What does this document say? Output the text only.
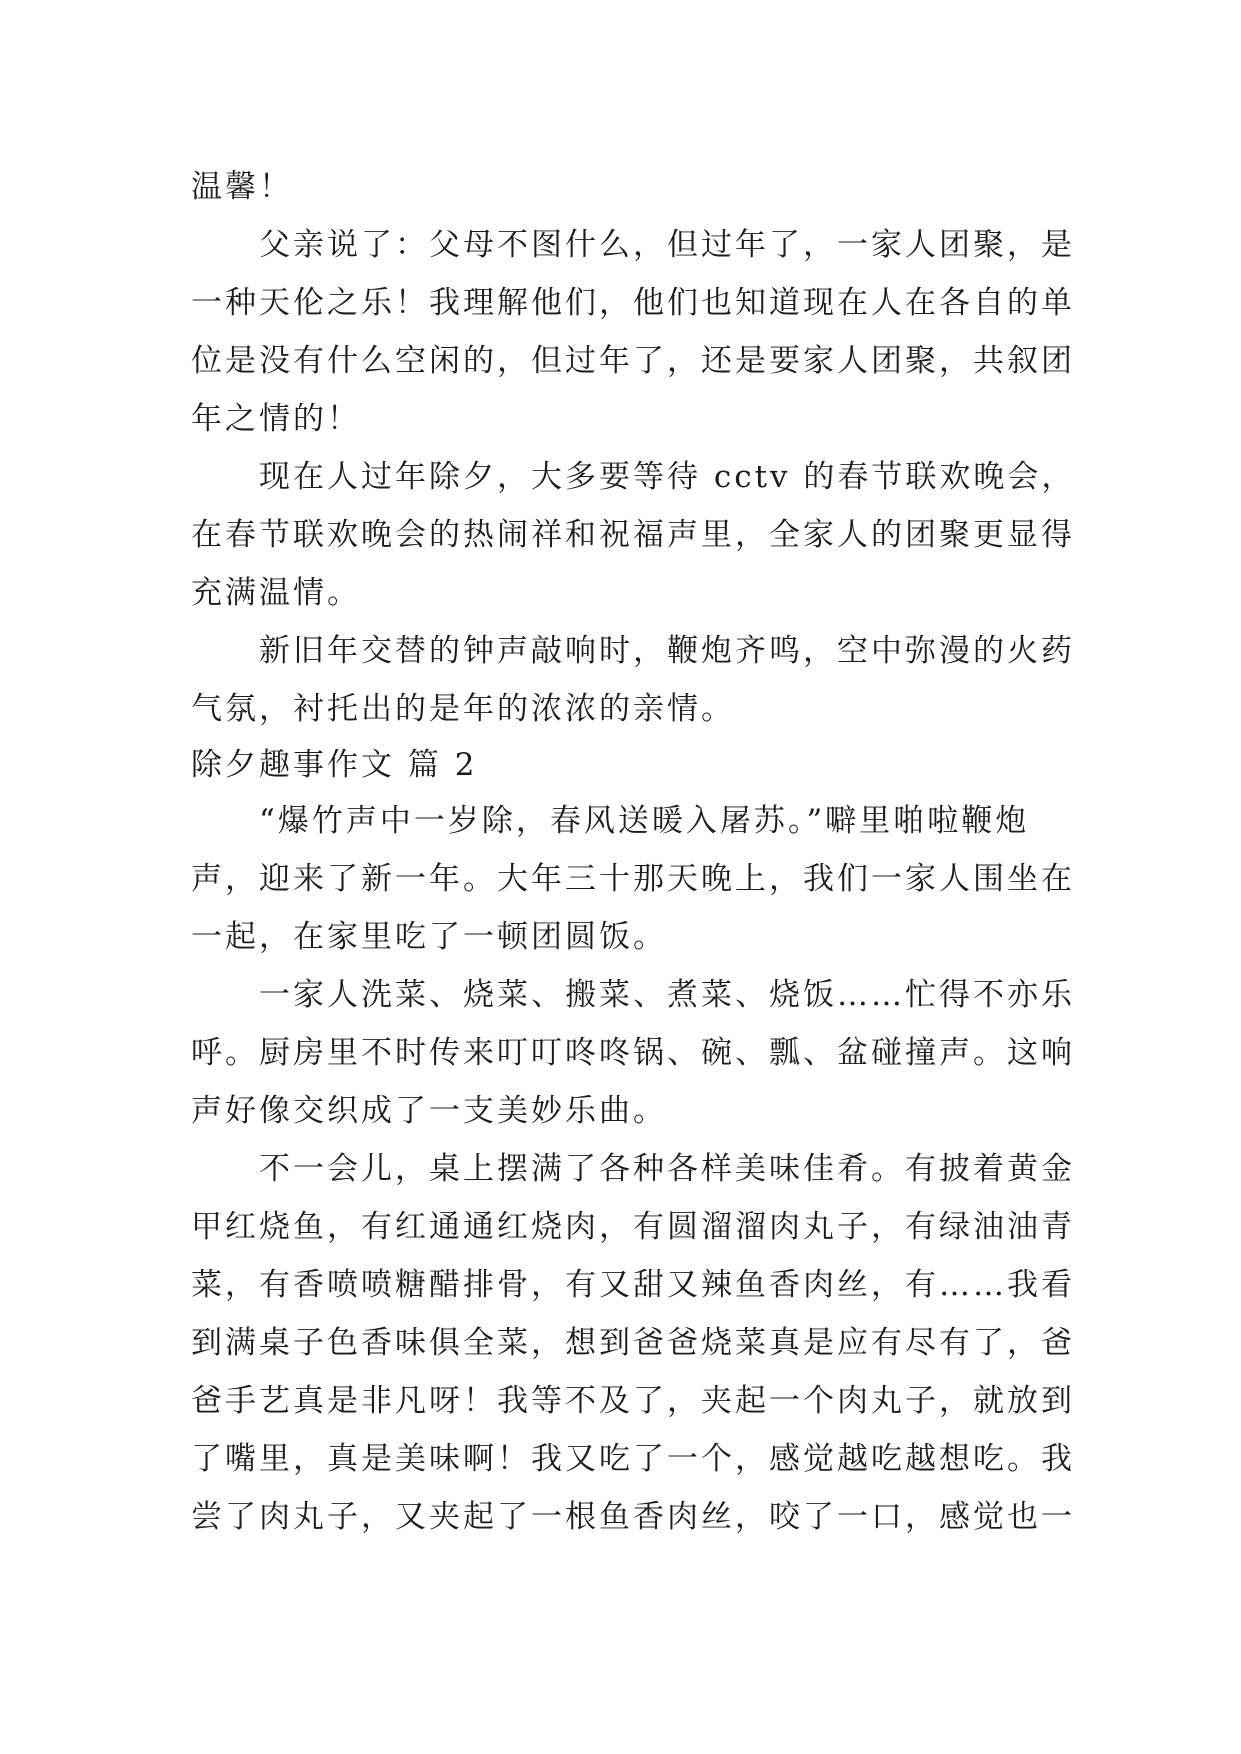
温馨！
父亲说了：父母不图什么，但过年了，一家人团聚，是
一种天伦之乐！我理解他们，他们也知道现在人在各自的单
位是没有什么空闲的，但过年了，还是要家人团聚，共叙团
年之情的！
现在人过年除夕，大多要等待 cctv 的春节联欢晚会，
在春节联欢晚会的热闹祥和祝福声里，全家人的团聚更显得
充满温情。
新旧年交替的钟声敲响时，鞭炮齐鸣，空中弥漫的火药
气氛，衬托出的是年的浓浓的亲情。
除夕趣事作文 篇 2
“爆竹声中一岁除，春风送暖入屠苏。”噼里啪啦鞭炮
声，迎来了新一年。大年三十那天晚上，我们一家人围坐在
一起，在家里吃了一顿团圆饭。
一家人洗菜、烧菜、搬菜、煮菜、烧饭……忙得不亦乐
呼。厨房里不时传来叮叮咚咚锅、碗、瓢、盆碰撞声。这响
声好像交织成了一支美妙乐曲。
不一会儿，桌上摆满了各种各样美味佳肴。有披着黄金
甲红烧鱼，有红通通红烧肉，有圆溜溜肉丸子，有绿油油青
菜，有香喷喷糖醋排骨，有又甜又辣鱼香肉丝，有……我看
到满桌子色香味俱全菜，想到爸爸烧菜真是应有尽有了，爸
爸手艺真是非凡呀！我等不及了，夹起一个肉丸子，就放到
了嘴里，真是美味啊！我又吃了一个，感觉越吃越想吃。我
尝了肉丸子，又夹起了一根鱼香肉丝，咬了一口，感觉也一
